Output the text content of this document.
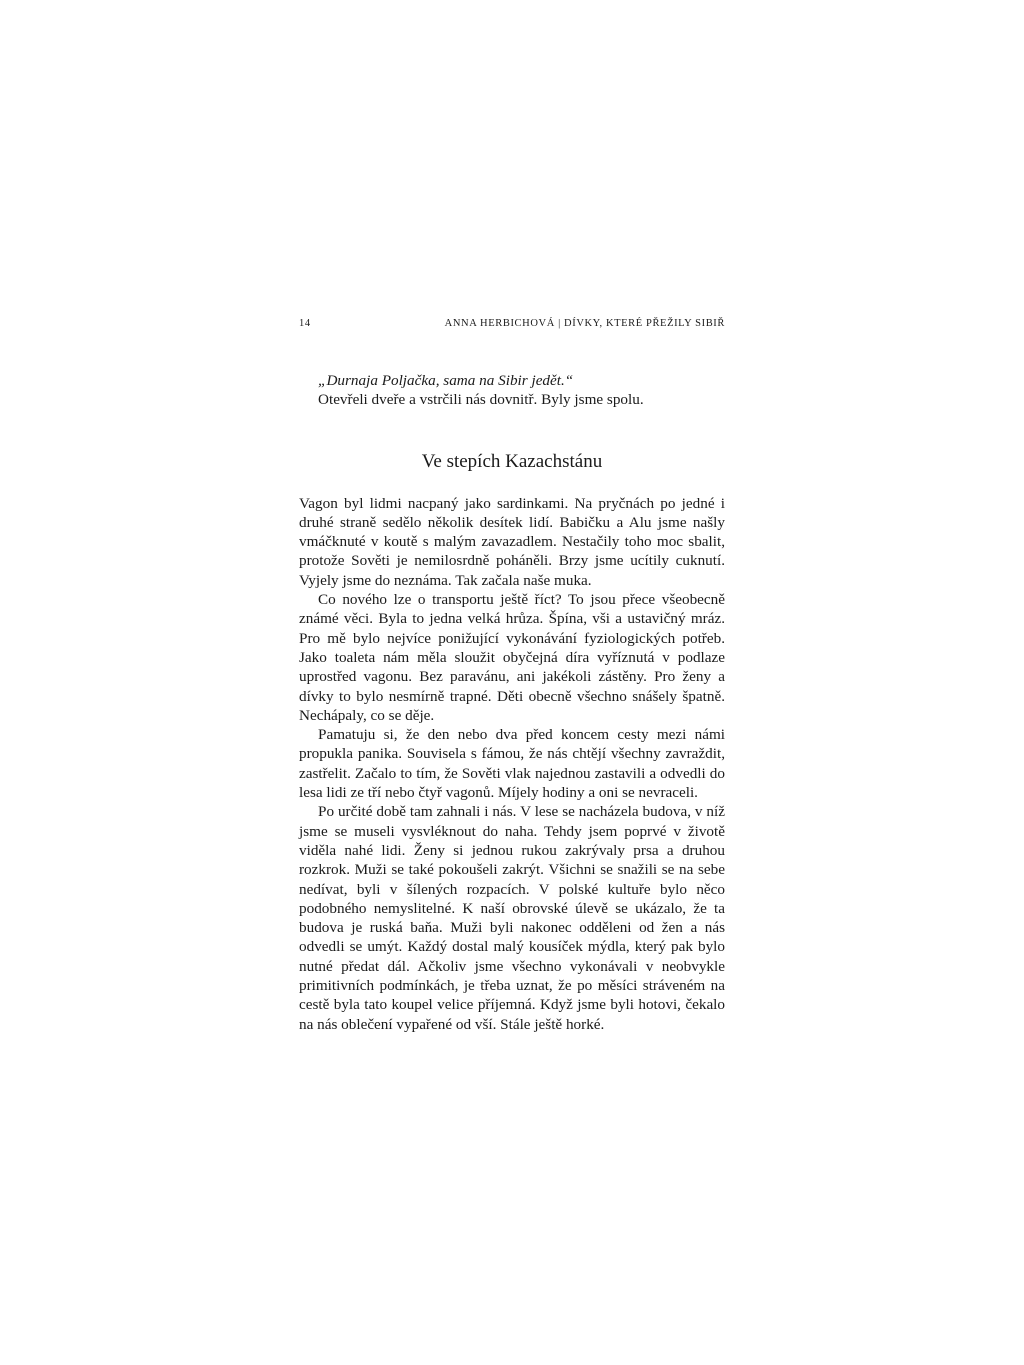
14	ANNA HERBICHOVÁ | DÍVKY, KTERÉ PŘEŽILY SIBIŘ

„Durnaja Poljačka, sama na Sibir jedět.“

Otevřeli dveře a vstrčili nás dovnitř. Byly jsme spolu.

Ve stepích Kazachstánu

Vagon byl lidmi nacpaný jako sardinkami. Na pryčnách po jedné i druhé straně sedělo několik desítek lidí. Babičku a Alu jsme našly vmáčknuté v koutě s malým zavazadlem. Nestačily toho moc sbalit, protože Sověti je nemilosrdně poháněli. Brzy jsme ucítily cuknutí. Vyjely jsme do neznáma. Tak začala naše muka.

Co nového lze o transportu ještě říct? To jsou přece všeobecně známé věci. Byla to jedna velká hrůza. Špína, vši a ustavičný mráz. Pro mě bylo nejvíce ponižující vykonávání fyziologických potřeb. Jako toaleta nám měla sloužit obyčejná díra vyříznutá v podlaze uprostřed vagonu. Bez paravánu, ani jakékoli zástěny. Pro ženy a dívky to bylo nesmírně trapné. Děti obecně všechno snášely špatně. Nechápaly, co se děje.

Pamatuju si, že den nebo dva před koncem cesty mezi námi propukla panika. Souvisela s fámou, že nás chtějí všechny zavraždit, zastřelit. Začalo to tím, že Sověti vlak najednou zastavili a odvedli do lesa lidi ze tří nebo čtyř vagonů. Míjely hodiny a oni se nevraceli.

Po určité době tam zahnali i nás. V lese se nacházela budova, v níž jsme se museli vysvléknout do naha. Tehdy jsem poprvé v životě viděla nahé lidi. Ženy si jednou rukou zakrývaly prsa a druhou rozkrok. Muži se také pokoušeli zakrýt. Všichni se snažili se na sebe nedívat, byli v šílených rozpacích. V polské kultuře bylo něco podobného nemyslitelné. K naší obrovské úlevě se ukázalo, že ta budova je ruská baňa. Muži byli nakonec odděleni od žen a nás odvedli se umýt. Každý dostal malý kousíček mýdla, který pak bylo nutné předat dál. Ačkoliv jsme všechno vykonávali v neobvykle primitivních podmínkách, je třeba uznat, že po měsíci stráveném na cestě byla tato koupel velice příjemná. Když jsme byli hotovi, čekalo na nás oblečení vypařené od vší. Stále ještě horké.
